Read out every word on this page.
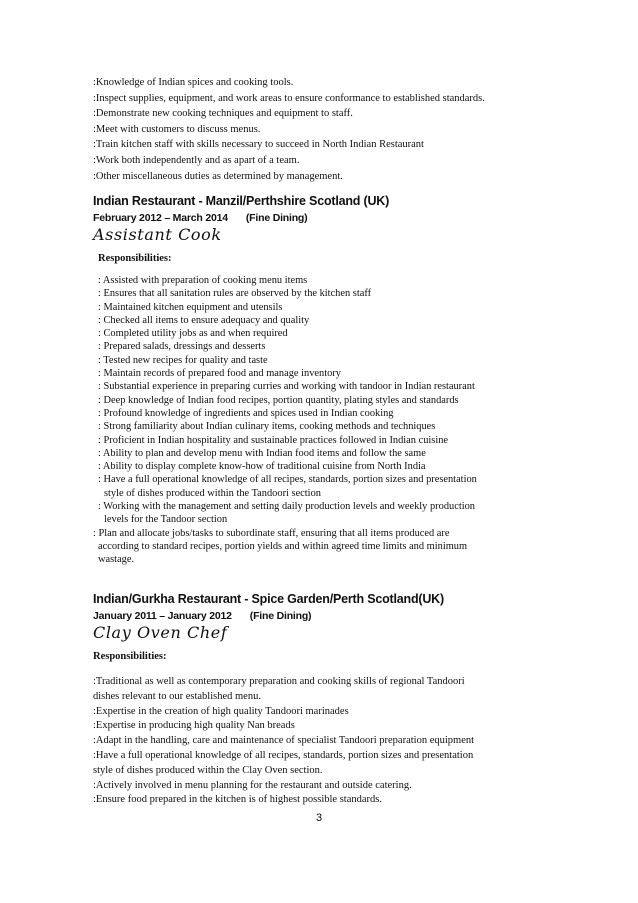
:Knowledge of Indian spices and cooking tools.
:Inspect supplies, equipment, and work areas to ensure conformance to established standards.
:Demonstrate new cooking techniques and equipment to staff.
:Meet with customers to discuss menus.
:Train kitchen staff with skills necessary to succeed in North Indian Restaurant
:Work both independently and as apart of a team.
:Other miscellaneous duties as determined by management.
Indian Restaurant - Manzil/Perthshire Scotland (UK)
February 2012 – March 2014 (Fine Dining)
Assistant Cook
Responsibilities:
: Assisted with preparation of cooking menu items
: Ensures that all sanitation rules are observed by the kitchen staff
: Maintained kitchen equipment and utensils
: Checked all items to ensure adequacy and quality
: Completed utility jobs as and when required
: Prepared salads, dressings and desserts
: Tested new recipes for quality and taste
: Maintain records of prepared food and manage inventory
: Substantial experience in preparing curries and working with tandoor in Indian restaurant
: Deep knowledge of Indian food recipes, portion quantity, plating styles and standards
: Profound knowledge of ingredients and spices used in Indian cooking
: Strong familiarity about Indian culinary items, cooking methods and techniques
: Proficient in Indian hospitality and sustainable practices followed in Indian cuisine
: Ability to plan and develop menu with Indian food items and follow the same
: Ability to display complete know-how of traditional cuisine from North India
: Have a full operational knowledge of all recipes, standards, portion sizes and presentation
style of dishes produced within the Tandoori section
: Working with the management and setting daily production levels and weekly production
levels for the Tandoor section
: Plan and allocate jobs/tasks to subordinate staff, ensuring that all items produced are
according to standard recipes, portion yields and within agreed time limits and minimum
wastage.
Indian/Gurkha Restaurant - Spice Garden/Perth Scotland(UK)
January 2011 – January 2012 (Fine Dining)
Clay Oven Chef
Responsibilities:
:Traditional as well as contemporary preparation and cooking skills of regional Tandoori
dishes relevant to our established menu.
:Expertise in the creation of high quality Tandoori marinades
:Expertise in producing high quality Nan breads
:Adapt in the handling, care and maintenance of specialist Tandoori preparation equipment
:Have a full operational knowledge of all recipes, standards, portion sizes and presentation
style of dishes produced within the Clay Oven section.
:Actively involved in menu planning for the restaurant and outside catering.
:Ensure food prepared in the kitchen is of highest possible standards.
3
